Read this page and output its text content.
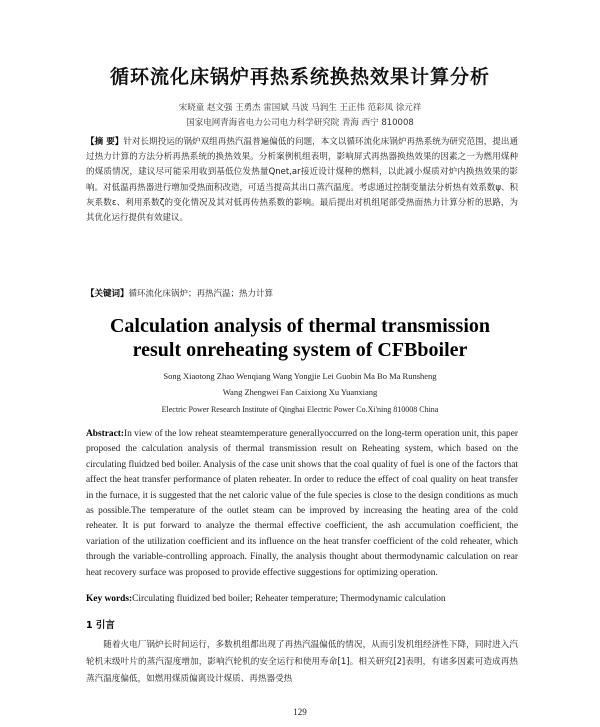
循环流化床锅炉再热系统换热效果计算分析
宋晓童 赵文强 王勇杰 雷国斌 马波 马润生 王正伟 范彩凤 徐元祥
国家电网青海省电力公司电力科学研究院 青海 西宁 810008
【摘 要】针对长期投运的锅炉双组再热汽温普遍偏低的问题，本文以循环流化床锅炉再热系统为研究范围，提出通过热力计算的方法分析再热系统的换热效果。分析案例机组表明，影响屏式再热器换热效果的因素之一为燃用煤种的煤质情况，建议尽可能采用收到基低位发热量Qnet,ar接近设计煤种的燃料，以此减小煤质对炉内换热效果的影响。对低温再热器进行增加受热面积改造，可适当提高其出口蒸汽温度。考虑通过控制变量法分析热有效系数ψ、积灰系数ε、利用系数ζ的变化情况及其对低再传热系数的影响。最后提出对机组尾部受热面热力计算分析的思路，为其优化运行提供有效建议。
【关键词】循环流化床锅炉；再热汽温；热力计算
Calculation analysis of thermal transmission
result onreheating system of CFBboiler
Song Xiaotong Zhao Wenqiang Wang Yongjie Lei Guobin Ma Bo Ma Runsheng
Wang Zhengwei Fan Caixiong Xu Yuanxiang
Electric Power Research Institute of Qinghai Electric Power Co.Xi'ning 810008 China
Abstract:In view of the low reheat steamtemperature generallyoccurred on the long-term operation unit, this paper proposed the calculation analysis of thermal transmission result on Reheating system, which based on the circulating fluidzed bed boiler. Analysis of the case unit shows that the coal quality of fuel is one of the factors that affect the heat transfer performance of platen reheater. In order to reduce the effect of coal quality on heat transfer in the furnace, it is suggested that the net caloric value of the fule species is close to the design conditions as much as possible.The temperature of the outlet steam can be improved by increasing the heating area of the cold reheater. It is put forward to analyze the thermal effective coefficient, the ash accumulation coefficient, the variation of the utilization coefficient and its influence on the heat transfer coefficient of the cold reheater, which through the variable-controlling approach. Finally, the analysis thought about thermodynamic calculation on rear heat recovery surface was proposed to provide effective suggestions for optimizing operation.
Key words:Circulating fluidized bed boiler; Reheater temperature; Thermodynamic calculation
1 引言
随着火电厂锅炉长时间运行，多数机组都出现了再热汽温偏低的情况，从而引发机组经济性下降，同时进入汽轮机末级叶片的蒸汽湿度增加，影响汽轮机的安全运行和使用寿命[1]。相关研究[2]表明，有诸多因素可造成再热蒸汽温度偏低，如燃用煤质偏离设计煤质、再热器受热
129
